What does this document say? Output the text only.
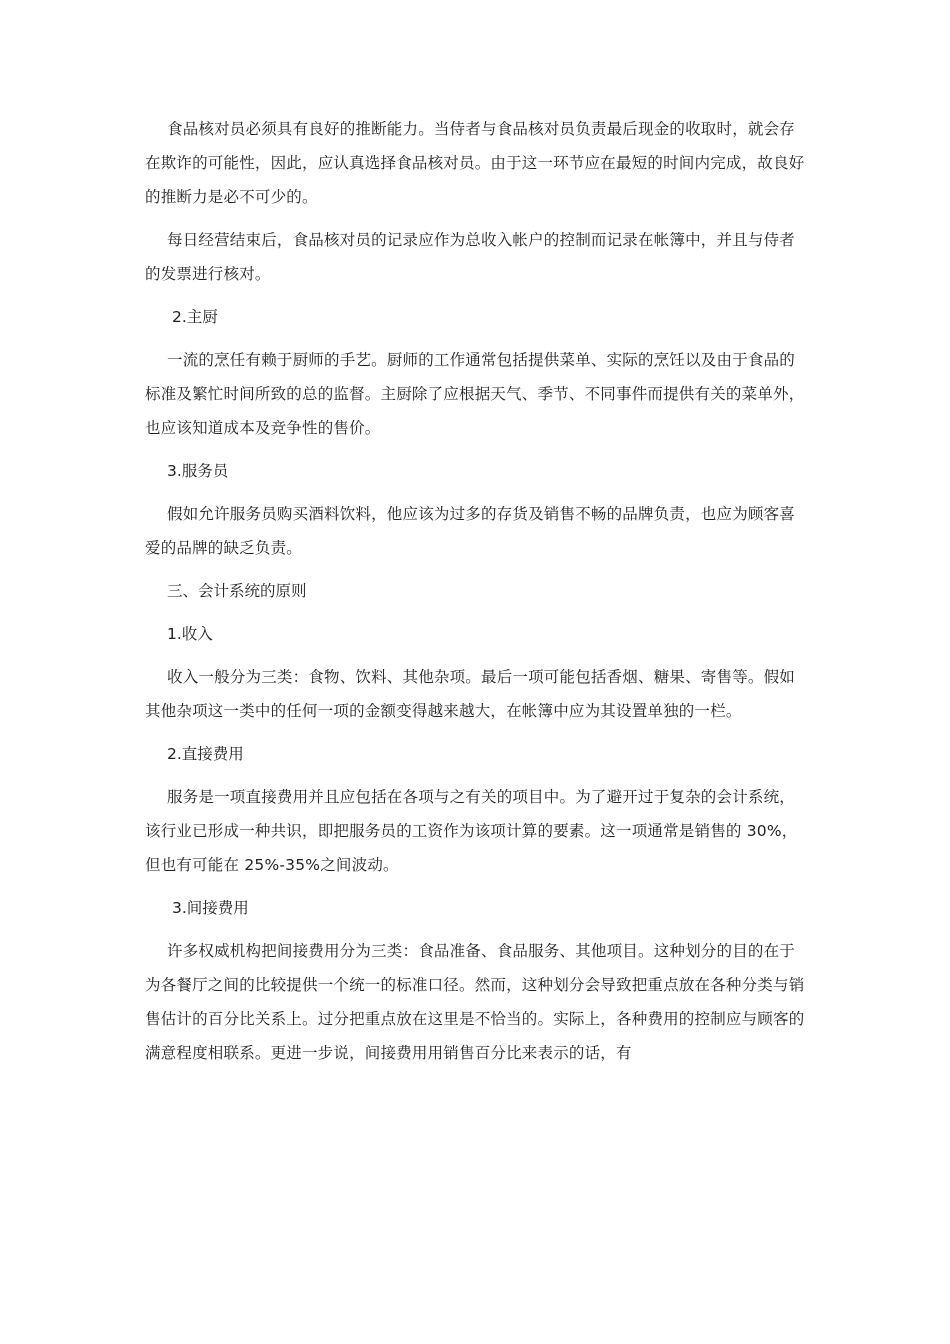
食品核对员必须具有良好的推断能力。当侍者与食品核对员负责最后现金的收取时，就会存在欺诈的可能性，因此，应认真选择食品核对员。由于这一环节应在最短的时间内完成，故良好的推断力是必不可少的。

每日经营结束后，食品核对员的记录应作为总收入帐户的控制而记录在帐簿中，并且与侍者的发票进行核对。

2.主厨

一流的烹任有赖于厨师的手艺。厨师的工作通常包括提供菜单、实际的烹饪以及由于食品的标准及繁忙时间所致的总的监督。主厨除了应根据天气、季节、不同事件而提供有关的菜单外，也应该知道成本及竞争性的售价。

3.服务员

假如允许服务员购买酒料饮料，他应该为过多的存货及销售不畅的品牌负责，也应为顾客喜爱的品牌的缺乏负责。

三、会计系统的原则

1.收入

收入一般分为三类：食物、饮料、其他杂项。最后一项可能包括香烟、糖果、寄售等。假如其他杂项这一类中的任何一项的金额变得越来越大，在帐簿中应为其设置单独的一栏。

2.直接费用

服务是一项直接费用并且应包括在各项与之有关的项目中。为了避开过于复杂的会计系统，该行业已形成一种共识，即把服务员的工资作为该项计算的要素。这一项通常是销售的 30%，但也有可能在 25%-35%之间波动。

3.间接费用

许多权威机构把间接费用分为三类：食品准备、食品服务、其他项目。这种划分的目的在于为各餐厅之间的比较提供一个统一的标准口径。然而，这种划分会导致把重点放在各种分类与销售估计的百分比关系上。过分把重点放在这里是不恰当的。实际上，各种费用的控制应与顾客的满意程度相联系。更进一步说，间接费用用销售百分比来表示的话，有
